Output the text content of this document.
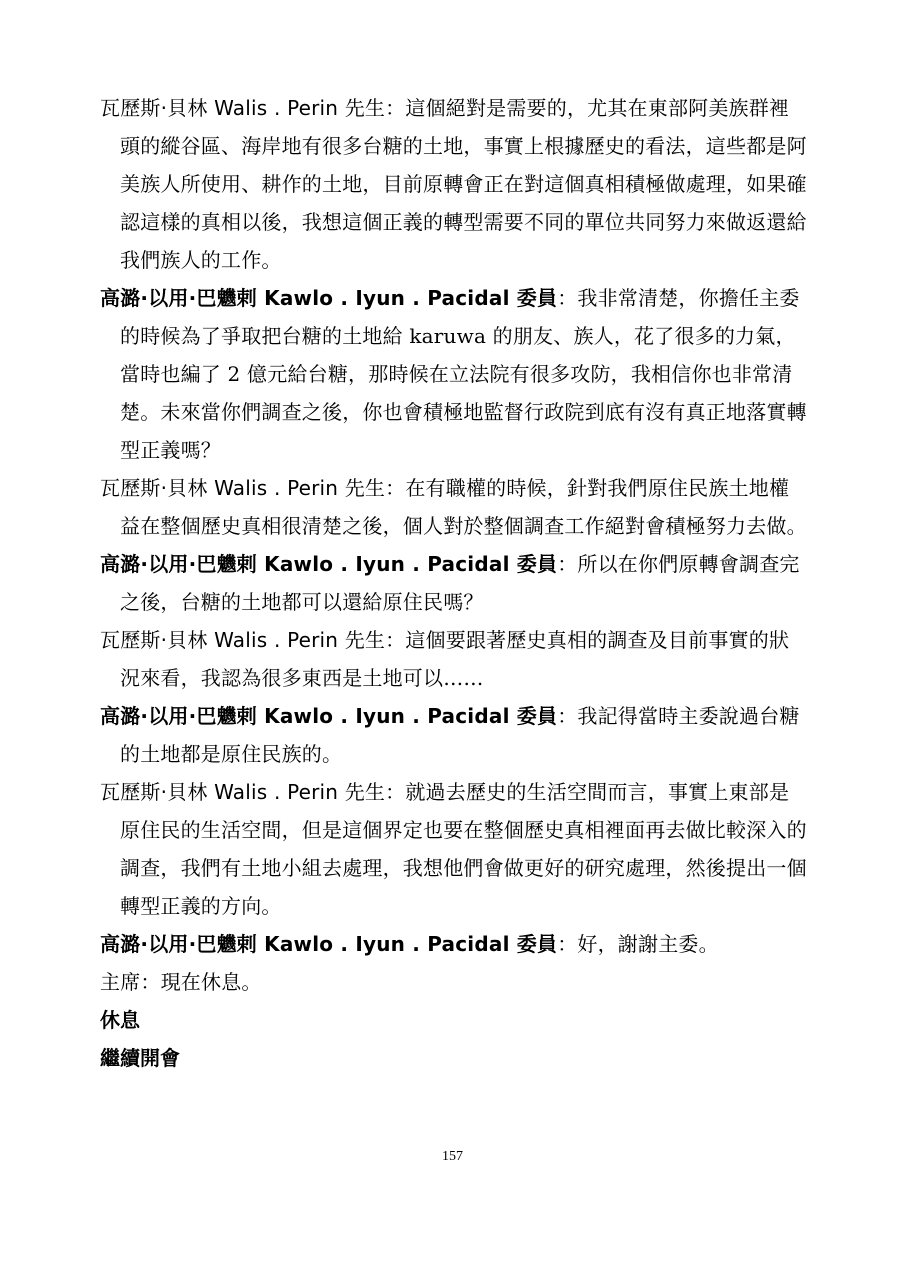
瓦歷斯·貝林 Walis . Perin 先生：這個絕對是需要的，尤其在東部阿美族群裡頭的縱谷區、海岸地有很多台糖的土地，事實上根據歷史的看法，這些都是阿美族人所使用、耕作的土地，目前原轉會正在對這個真相積極做處理，如果確認這樣的真相以後，我想這個正義的轉型需要不同的單位共同努力來做返還給我們族人的工作。

高潞·以用·巴魕剌 Kawlo . Iyun . Pacidal 委員：我非常清楚，你擔任主委的時候為了爭取把台糖的土地給 karuwa 的朋友、族人，花了很多的力氣，當時也編了 2 億元給台糖，那時候在立法院有很多攻防，我相信你也非常清楚。未來當你們調查之後，你也會積極地監督行政院到底有沒有真正地落實轉型正義嗎？

瓦歷斯·貝林 Walis . Perin 先生：在有職權的時候，針對我們原住民族土地權益在整個歷史真相很清楚之後，個人對於整個調查工作絕對會積極努力去做。

高潞·以用·巴魕剌 Kawlo . Iyun . Pacidal 委員：所以在你們原轉會調查完之後，台糖的土地都可以還給原住民嗎？

瓦歷斯·貝林 Walis . Perin 先生：這個要跟著歷史真相的調查及目前事實的狀況來看，我認為很多東西是土地可以……

高潞·以用·巴魕剌 Kawlo . Iyun . Pacidal 委員：我記得當時主委說過台糖的土地都是原住民族的。

瓦歷斯·貝林 Walis . Perin 先生：就過去歷史的生活空間而言，事實上東部是原住民的生活空間，但是這個界定也要在整個歷史真相裡面再去做比較深入的調查，我們有土地小組去處理，我想他們會做更好的研究處理，然後提出一個轉型正義的方向。

高潞·以用·巴魕剌 Kawlo . Iyun . Pacidal 委員：好，謝謝主委。

主席：現在休息。

休息

繼續開會

157
